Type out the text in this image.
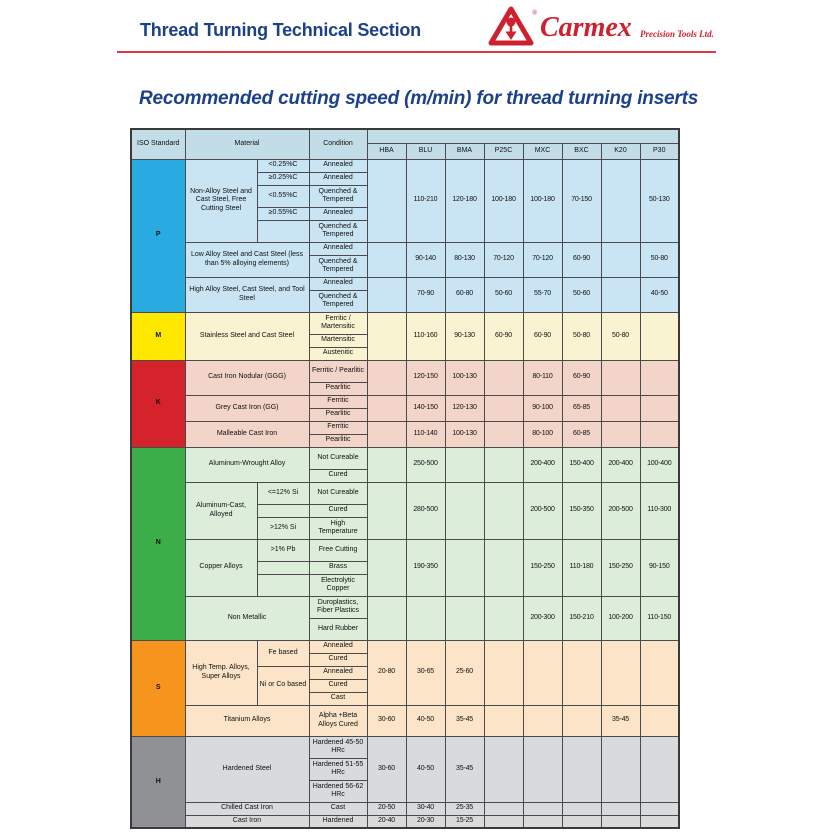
Thread Turning Technical Section
® Carmex Precision Tools Ltd.
Recommended cutting speed (m/min) for thread turning inserts
ISO Standard	Material		Condition								
				HBA	BLU	BMA	P25C	MXC	BXC	K20	P30
P	Non-Alloy Steel and Cast Steel, Free Cutting Steel	<0.25%C	Annealed		110-210	120-180	100-180	100-180	70-150		50-130
		≥0.25%C	Annealed								
		<0.55%C	Quenched & Tempered								
		≥0.55%C	Annealed								
			Quenched & Tempered								
	Low Alloy Steel and Cast Steel (less than 5% alloying elements)		Annealed		90-140	80-130	70-120	70-120	60-90		50-80
			Quenched & Tempered								
	High Alloy Steel, Cast Steel, and Tool Steel		Annealed		70-90	60-80	50-60	55-70	50-60		40-50
			Quenched & Tempered								
M	Stainless Steel and Cast Steel		Ferritic / Martensitic		110-160	90-130	60-90	60-90	50-80	50-80	
			Martensitic								
			Austenitic								
K	Cast Iron Nodular (GGG)		Ferritic / Pearlitic		120-150	100-130		80-110	60-90		
			Pearlitic								
	Grey Cast Iron (GG)		Ferritic		140-150	120-130		90-100	65-85		
			Pearlitic								
	Malleable Cast Iron		Ferritic		110-140	100-130		80-100	60-85		
			Pearlitic								
N	Aluminum-Wrought Alloy		Not Cureable		250-500			200-400	150-400	200-400	100-400
			Cured								
	Aluminum-Cast, Alloyed	<=12% Si	Not Cureable		280-500			200-500	150-350	200-500	110-300
			Cured								
		>12% Si	High Temperature								
	Copper Alloys	>1% Pb	Free Cutting		190-350			150-250	110-180	150-250	90-150
			Brass								
			Electrolytic Copper								
	Non Metallic		Duroplastics, Fiber Plastics					200-300	150-210	100-200	110-150
			Hard Rubber								
S	High Temp. Alloys, Super Alloys	Fe based	Annealed	20-80	30-65	25-60					
			Cured								
		Ni or Co based	Annealed								
			Cured								
			Cast								
	Titanium Alloys		Alpha +Beta Alloys Cured	30-60	40-50	35-45				35-45	
H	Hardened Steel		Hardened 45-50 HRc	30-60	40-50	35-45					
			Hardened 51-55 HRc								
			Hardened 56-62 HRc								
	Chilled Cast Iron		Cast	20-50	30-40	25-35					
	Cast Iron		Hardened	20-40	20-30	15-25					
